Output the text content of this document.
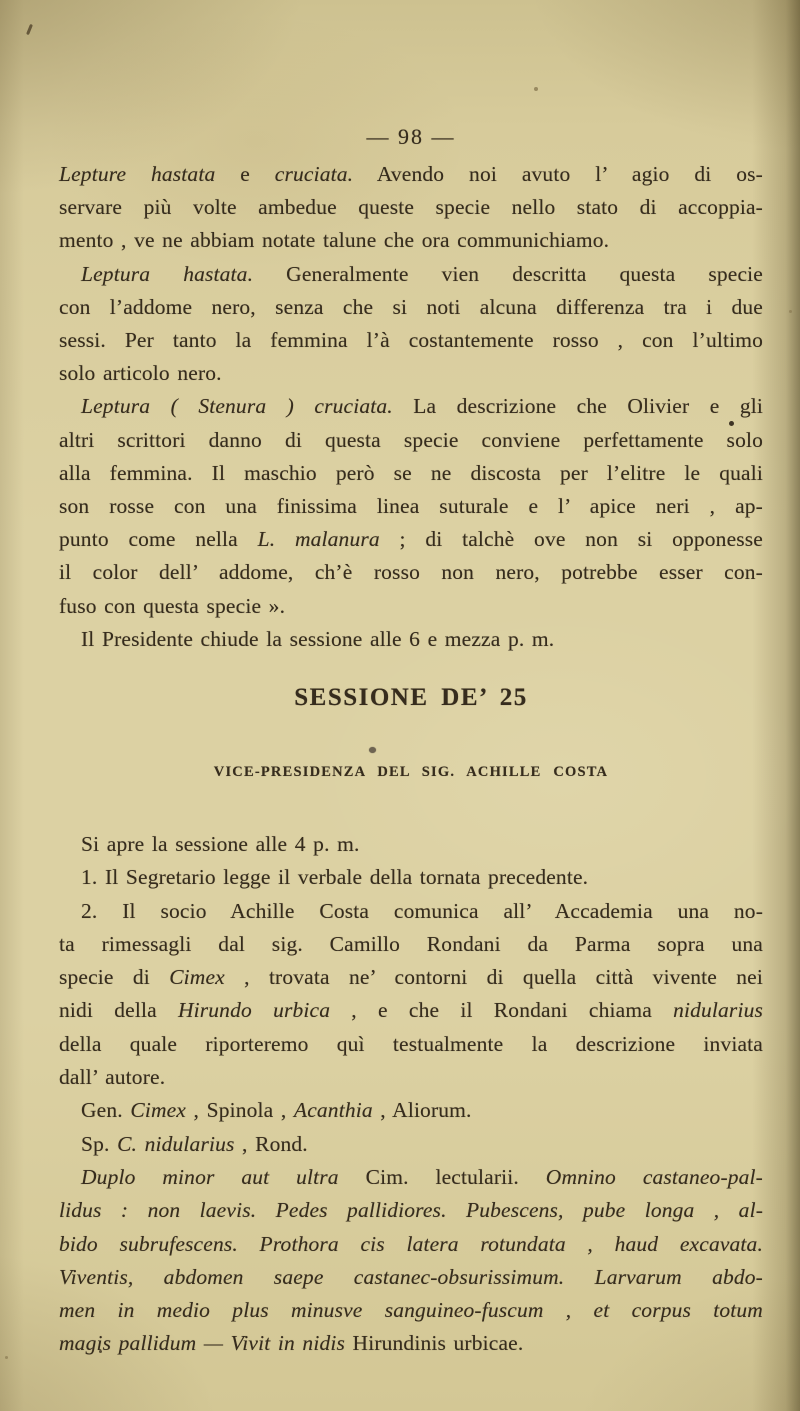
— 98 —
Lepture hastata e cruciata. Avendo noi avuto l’ agio di os-
servare più volte ambedue queste specie nello stato di accoppia-
mento , ve ne abbiam notate talune che ora communichiamo.
Leptura hastata. Generalmente vien descritta questa specie
con l’addome nero, senza che si noti alcuna differenza tra i due
sessi. Per tanto la femmina l’à costantemente rosso , con l’ultimo
solo articolo nero.
Leptura ( Stenura ) cruciata. La descrizione che Olivier e gli
altri scrittori danno di questa specie conviene perfettamente solo
alla femmina. Il maschio però se ne discosta per l’elitre le quali
son rosse con una finissima linea suturale e l’ apice neri , ap-
punto come nella L. malanura ; di talchè ove non si opponesse
il color dell’ addome, ch’è rosso non nero, potrebbe esser con-
fuso con questa specie ».
Il Presidente chiude la sessione alle 6 e mezza p. m.
SESSIONE DE’ 25
VICE-PRESIDENZA DEL SIG. ACHILLE COSTA
Si apre la sessione alle 4 p. m.
1. Il Segretario legge il verbale della tornata precedente.
2. Il socio Achille Costa comunica all’ Accademia una no-
ta rimessagli dal sig. Camillo Rondani da Parma sopra una
specie di Cimex , trovata ne’ contorni di quella città vivente nei
nidi della Hirundo urbica , e che il Rondani chiama nidularius
della quale riporteremo quì testualmente la descrizione inviata
dall’ autore.
Gen. Cimex , Spinola , Acanthia , Aliorum.
Sp. C. nidularius , Rond.
Duplo minor aut ultra Cim. lectularii. Omnino castaneo-pal-
lidus : non laevis. Pedes pallidiores. Pubescens, pube longa , al-
bido subrufescens. Prothora cis latera rotundata , haud excavata.
Viventis, abdomen saepe castanec-obsurissimum. Larvarum abdo-
men in medio plus minusve sanguineo-fuscum , et corpus totum
magis pallidum — Vivit in nidis Hirundinis urbicae.
